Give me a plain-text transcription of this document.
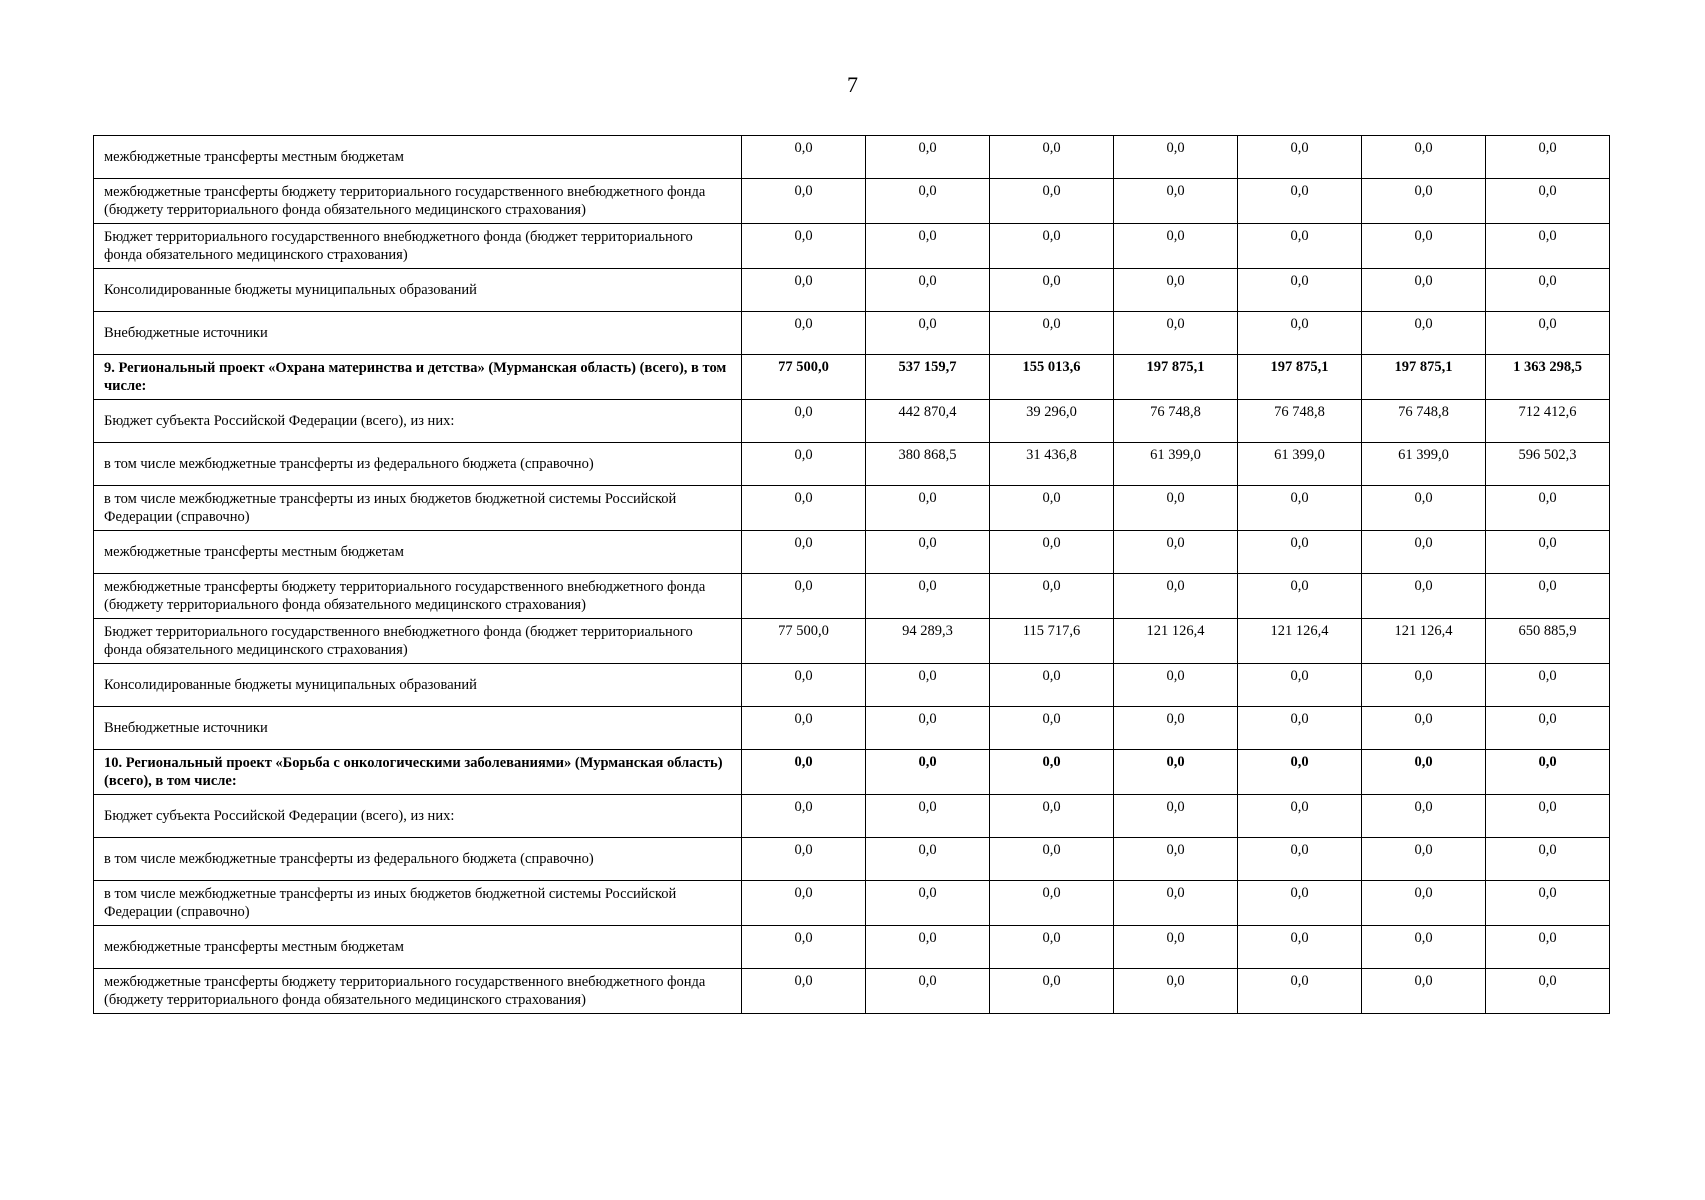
7
межбюджетные трансферты местным бюджетам	0,0	0,0	0,0	0,0	0,0	0,0	0,0
межбюджетные трансферты бюджету территориального государственного внебюджетного фонда (бюджету территориального фонда обязательного медицинского страхования)	0,0	0,0	0,0	0,0	0,0	0,0	0,0
Бюджет территориального государственного внебюджетного фонда (бюджет территориального фонда обязательного медицинского страхования)	0,0	0,0	0,0	0,0	0,0	0,0	0,0
Консолидированные бюджеты муниципальных образований	0,0	0,0	0,0	0,0	0,0	0,0	0,0
Внебюджетные источники	0,0	0,0	0,0	0,0	0,0	0,0	0,0
9. Региональный проект «Охрана материнства и детства» (Мурманская область) (всего), в том числе:	77 500,0	537 159,7	155 013,6	197 875,1	197 875,1	197 875,1	1 363 298,5
Бюджет субъекта Российской Федерации (всего), из них:	0,0	442 870,4	39 296,0	76 748,8	76 748,8	76 748,8	712 412,6
в том числе межбюджетные трансферты из федерального бюджета (справочно)	0,0	380 868,5	31 436,8	61 399,0	61 399,0	61 399,0	596 502,3
в том числе межбюджетные трансферты из иных бюджетов бюджетной системы Российской Федерации (справочно)	0,0	0,0	0,0	0,0	0,0	0,0	0,0
межбюджетные трансферты местным бюджетам	0,0	0,0	0,0	0,0	0,0	0,0	0,0
межбюджетные трансферты бюджету территориального государственного внебюджетного фонда (бюджету территориального фонда обязательного медицинского страхования)	0,0	0,0	0,0	0,0	0,0	0,0	0,0
Бюджет территориального государственного внебюджетного фонда (бюджет территориального фонда обязательного медицинского страхования)	77 500,0	94 289,3	115 717,6	121 126,4	121 126,4	121 126,4	650 885,9
Консолидированные бюджеты муниципальных образований	0,0	0,0	0,0	0,0	0,0	0,0	0,0
Внебюджетные источники	0,0	0,0	0,0	0,0	0,0	0,0	0,0
10. Региональный проект «Борьба с онкологическими заболеваниями» (Мурманская область) (всего), в том числе:	0,0	0,0	0,0	0,0	0,0	0,0	0,0
Бюджет субъекта Российской Федерации (всего), из них:	0,0	0,0	0,0	0,0	0,0	0,0	0,0
в том числе межбюджетные трансферты из федерального бюджета (справочно)	0,0	0,0	0,0	0,0	0,0	0,0	0,0
в том числе межбюджетные трансферты из иных бюджетов бюджетной системы Российской Федерации (справочно)	0,0	0,0	0,0	0,0	0,0	0,0	0,0
межбюджетные трансферты местным бюджетам	0,0	0,0	0,0	0,0	0,0	0,0	0,0
межбюджетные трансферты бюджету территориального государственного внебюджетного фонда (бюджету территориального фонда обязательного медицинского страхования)	0,0	0,0	0,0	0,0	0,0	0,0	0,0
